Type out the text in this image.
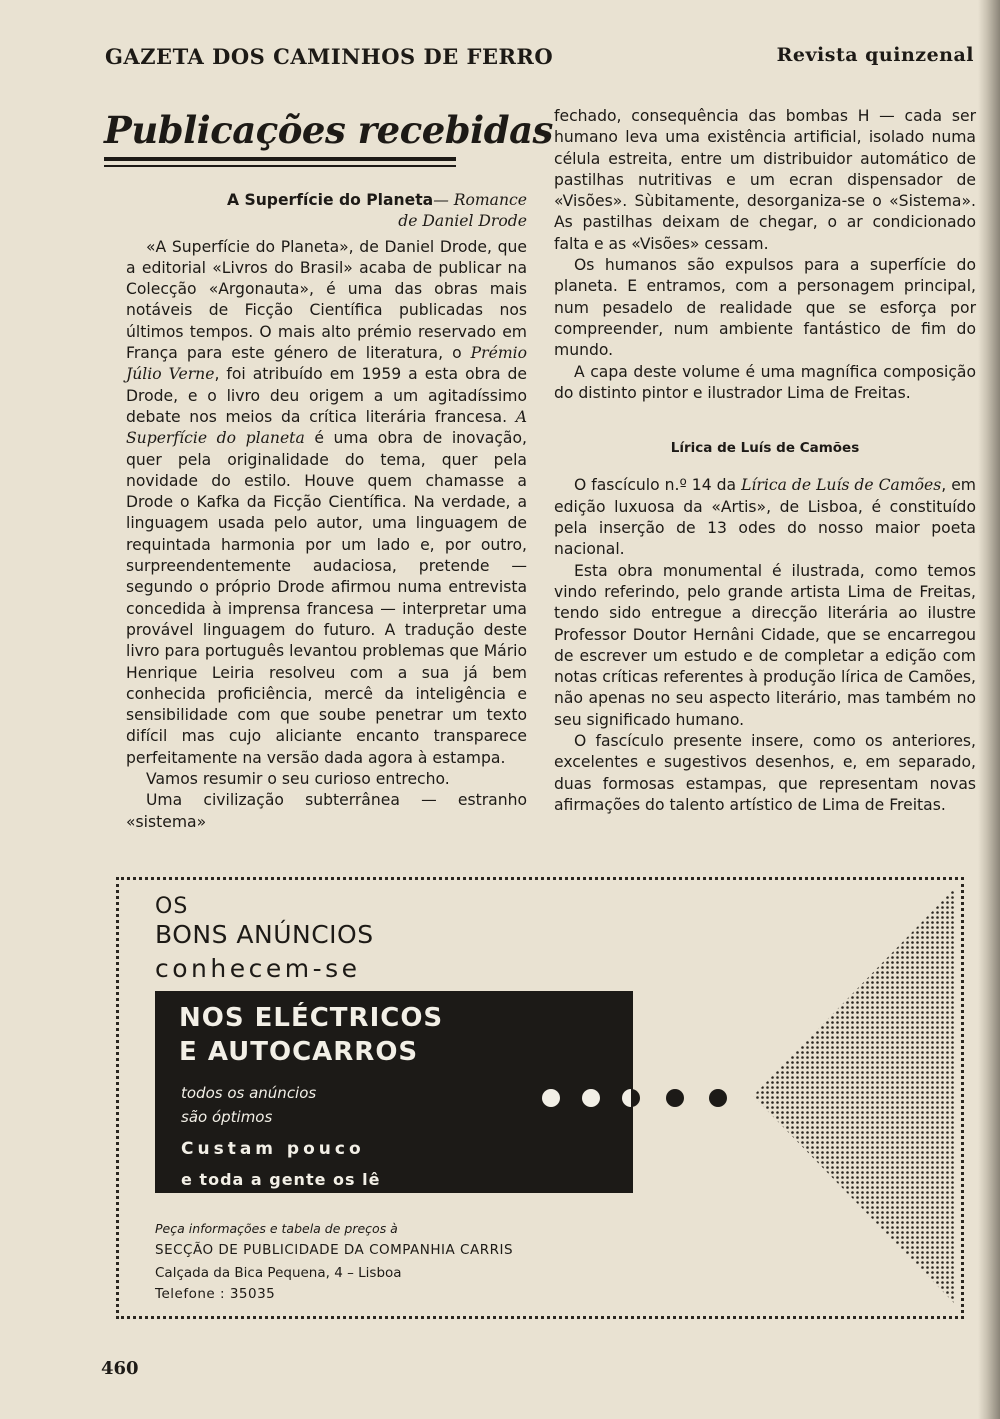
GAZETA DOS CAMINHOS DE FERRO	Revista quinzenal
Publicações recebidas
A Superfície do Planeta— Romance
de Daniel Drode

«A Superfície do Planeta», de Daniel Drode, que a editorial «Livros do Brasil» acaba de publicar na Colecção «Argonauta», é uma das obras mais notáveis de Ficção Científica publicadas nos últimos tempos. O mais alto prémio reservado em França para este género de literatura, o Prémio Júlio Verne, foi atribuído em 1959 a esta obra de Drode, e o livro deu origem a um agitadíssimo debate nos meios da crítica literária francesa. A Superfície do planeta é uma obra de inovação, quer pela originalidade do tema, quer pela novidade do estilo. Houve quem chamasse a Drode o Kafka da Ficção Científica. Na verdade, a linguagem usada pelo autor, uma linguagem de requintada harmonia por um lado e, por outro, surpreendentemente audaciosa, pretende — segundo o próprio Drode afirmou numa entrevista concedida à imprensa francesa — interpretar uma provável linguagem do futuro. A tradução deste livro para português levantou problemas que Mário Henrique Leiria resolveu com a sua já bem conhecida proficiência, mercê da inteligência e sensibilidade com que soube penetrar um texto difícil mas cujo aliciante encanto transparece perfeitamente na versão dada agora à estampa.

Vamos resumir o seu curioso entrecho.

Uma civilização subterrânea — estranho «sistema»

fechado, consequência das bombas H — cada ser humano leva uma existência artificial, isolado numa célula estreita, entre um distribuidor automático de pastilhas nutritivas e um ecran dispensador de «Visões». Sùbitamente, desorganiza-se o «Sistema». As pastilhas deixam de chegar, o ar condicionado falta e as «Visões» cessam.

Os humanos são expulsos para a superfície do planeta. E entramos, com a personagem principal, num pesadelo de realidade que se esforça por compreender, num ambiente fantástico de fim do mundo.

A capa deste volume é uma magnífica composição do distinto pintor e ilustrador Lima de Freitas.

Lírica de Luís de Camões

O fascículo n.º 14 da Lírica de Luís de Camões, em edição luxuosa da «Artis», de Lisboa, é constituído pela inserção de 13 odes do nosso maior poeta nacional.

Esta obra monumental é ilustrada, como temos vindo referindo, pelo grande artista Lima de Freitas, tendo sido entregue a direcção literária ao ilustre Professor Doutor Hernâni Cidade, que se encarregou de escrever um estudo e de completar a edição com notas críticas referentes à produção lírica de Camões, não apenas no seu aspecto literário, mas também no seu significado humano.

O fascículo presente insere, como os anteriores, excelentes e sugestivos desenhos, e, em separado, duas formosas estampas, que representam novas afirmações do talento artístico de Lima de Freitas.

OS
BONS ANÚNCIOS
conhecem-se
NOS ELÉCTRICOS
E AUTOCARROS
todos os anúncios
são óptimos
Custam pouco
e toda a gente os lê
Peça informações e tabela de preços à
SECÇÃO DE PUBLICIDADE DA COMPANHIA CARRIS
Calçada da Bica Pequena, 4 – Lisboa
Telefone : 35035
460
